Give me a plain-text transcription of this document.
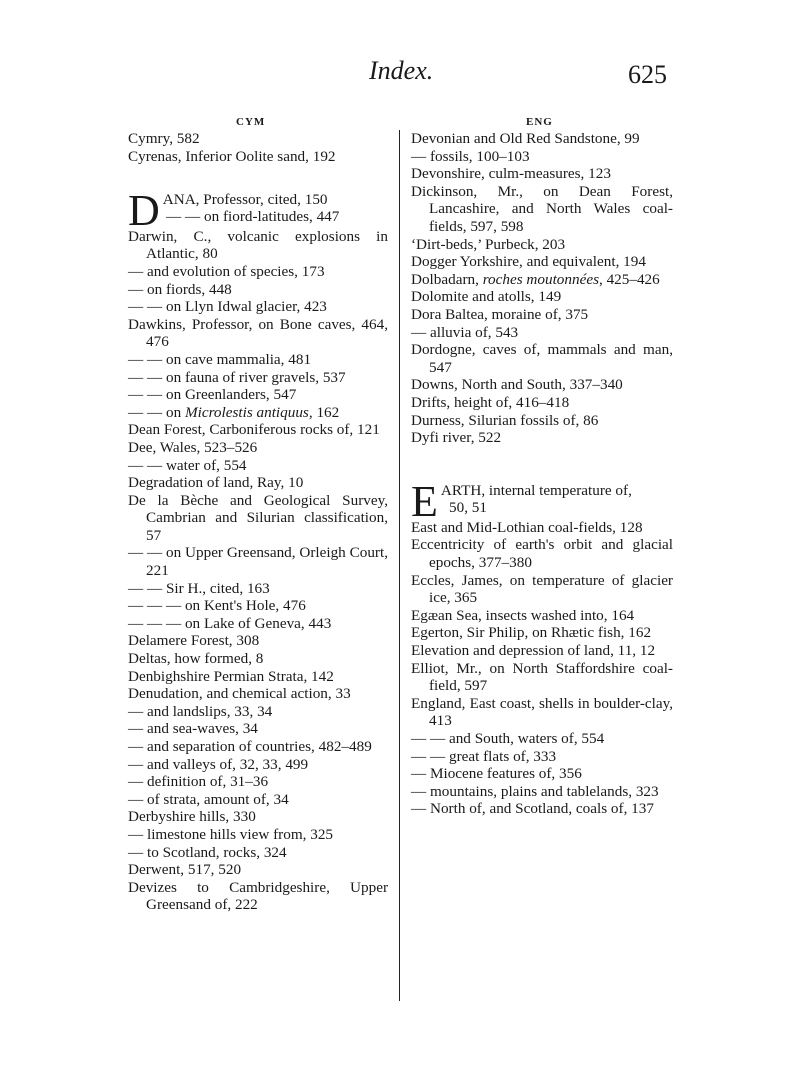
Index.	625
CYM	ENG
Cymry, 582
Cyrenas, Inferior Oolite sand, 192
D ANA, Professor, cited, 150
— — on fiord-latitudes, 447
Darwin, C., volcanic explosions in Atlantic, 80
— and evolution of species, 173
— on fiords, 448
— — on Llyn Idwal glacier, 423
Dawkins, Professor, on Bone caves, 464, 476
— — on cave mammalia, 481
— — on fauna of river gravels, 537
— — on Greenlanders, 547
— — on Microlestis antiquus, 162
Dean Forest, Carboniferous rocks of, 121
Dee, Wales, 523–526
— — water of, 554
Degradation of land, Ray, 10
De la Bèche and Geological Survey, Cambrian and Silurian classification, 57
— — on Upper Greensand, Orleigh Court, 221
— — Sir H., cited, 163
— — — on Kent's Hole, 476
— — — on Lake of Geneva, 443
Delamere Forest, 308
Deltas, how formed, 8
Denbighshire Permian Strata, 142
Denudation, and chemical action, 33
— and landslips, 33, 34
— and sea-waves, 34
— and separation of countries, 482–489
— and valleys of, 32, 33, 499
— definition of, 31–36
— of strata, amount of, 34
Derbyshire hills, 330
— limestone hills view from, 325
— to Scotland, rocks, 324
Derwent, 517, 520
Devizes to Cambridgeshire, Upper Greensand of, 222
Devonian and Old Red Sandstone, 99
— fossils, 100–103
Devonshire, culm-measures, 123
Dickinson, Mr., on Dean Forest, Lancashire, and North Wales coal-fields, 597, 598
‘Dirt-beds,’ Purbeck, 203
Dogger Yorkshire, and equivalent, 194
Dolbadarn, roches moutonnées, 425–426
Dolomite and atolls, 149
Dora Baltea, moraine of, 375
— alluvia of, 543
Dordogne, caves of, mammals and man, 547
Downs, North and South, 337–340
Drifts, height of, 416–418
Durness, Silurian fossils of, 86
Dyfi river, 522
E ARTH, internal temperature of,
50, 51
East and Mid-Lothian coal-fields, 128
Eccentricity of earth's orbit and glacial epochs, 377–380
Eccles, James, on temperature of glacier ice, 365
Egæan Sea, insects washed into, 164
Egerton, Sir Philip, on Rhætic fish, 162
Elevation and depression of land, 11, 12
Elliot, Mr., on North Staffordshire coal-field, 597
England, East coast, shells in boulder-clay, 413
— — and South, waters of, 554
— — great flats of, 333
— Miocene features of, 356
— mountains, plains and tablelands, 323
— North of, and Scotland, coals of, 137
